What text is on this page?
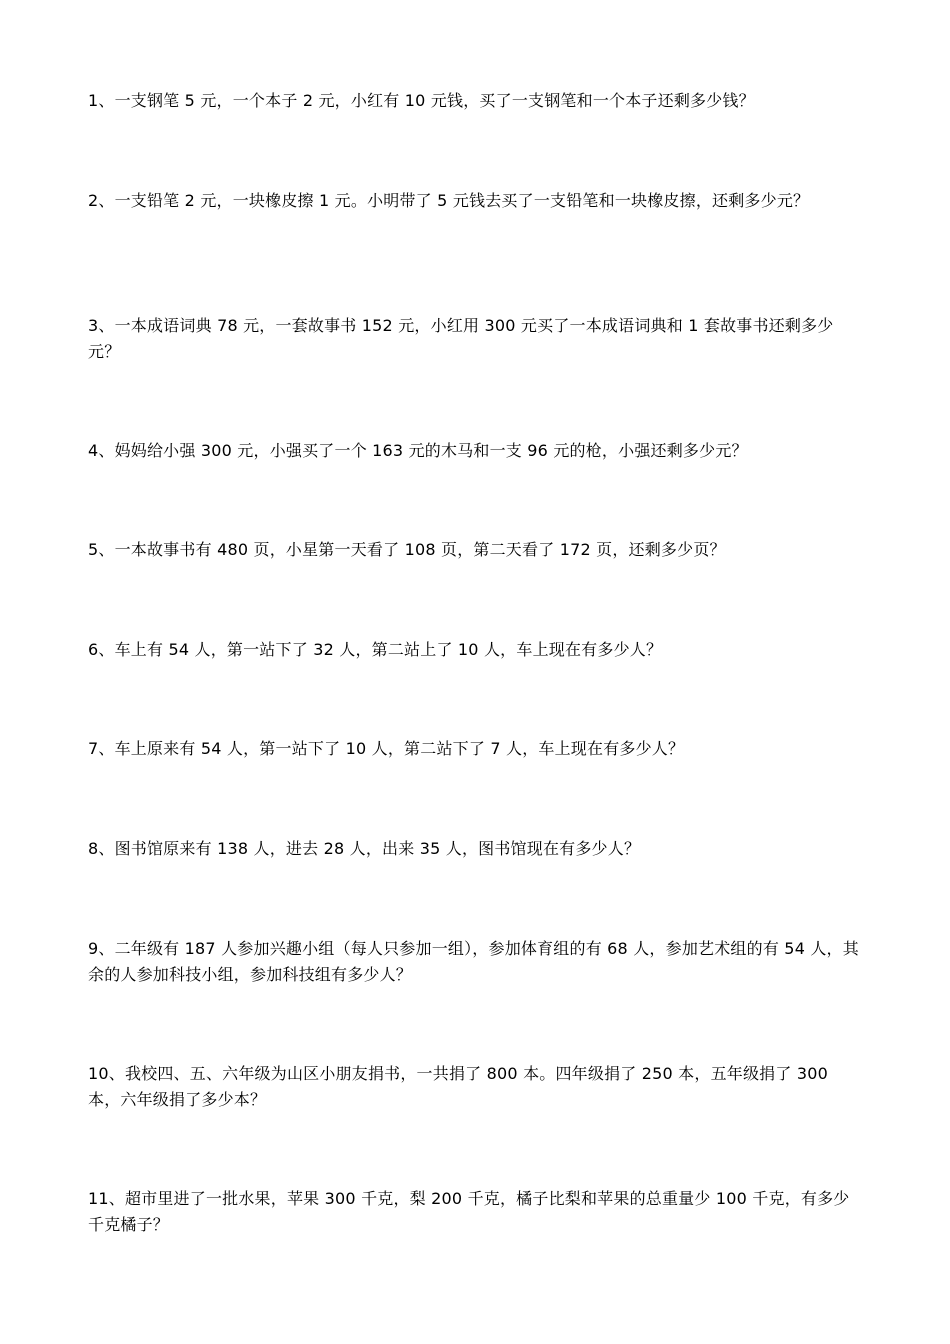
1、一支钢笔 5 元，一个本子 2 元，小红有 10 元钱，买了一支钢笔和一个本子还剩多少钱？

2、一支铅笔 2 元，一块橡皮擦 1 元。小明带了 5 元钱去买了一支铅笔和一块橡皮擦，还剩多少元？

3、一本成语词典 78 元，一套故事书 152 元，小红用 300 元买了一本成语词典和 1 套故事书还剩多少元？

4、妈妈给小强 300 元，小强买了一个 163 元的木马和一支 96 元的枪，小强还剩多少元？

5、一本故事书有 480 页，小星第一天看了 108 页，第二天看了 172 页，还剩多少页？

6、车上有 54 人，第一站下了 32 人，第二站上了 10 人，车上现在有多少人？

7、车上原来有 54 人，第一站下了 10 人，第二站下了 7 人，车上现在有多少人？

8、图书馆原来有 138 人，进去 28 人，出来 35 人，图书馆现在有多少人？

9、二年级有 187 人参加兴趣小组（每人只参加一组），参加体育组的有 68 人，参加艺术组的有 54 人，其余的人参加科技小组，参加科技组有多少人？

10、我校四、五、六年级为山区小朋友捐书，一共捐了 800 本。四年级捐了 250 本，五年级捐了 300 本，六年级捐了多少本？

11、超市里进了一批水果，苹果 300 千克，梨 200 千克，橘子比梨和苹果的总重量少 100 千克，有多少千克橘子？
